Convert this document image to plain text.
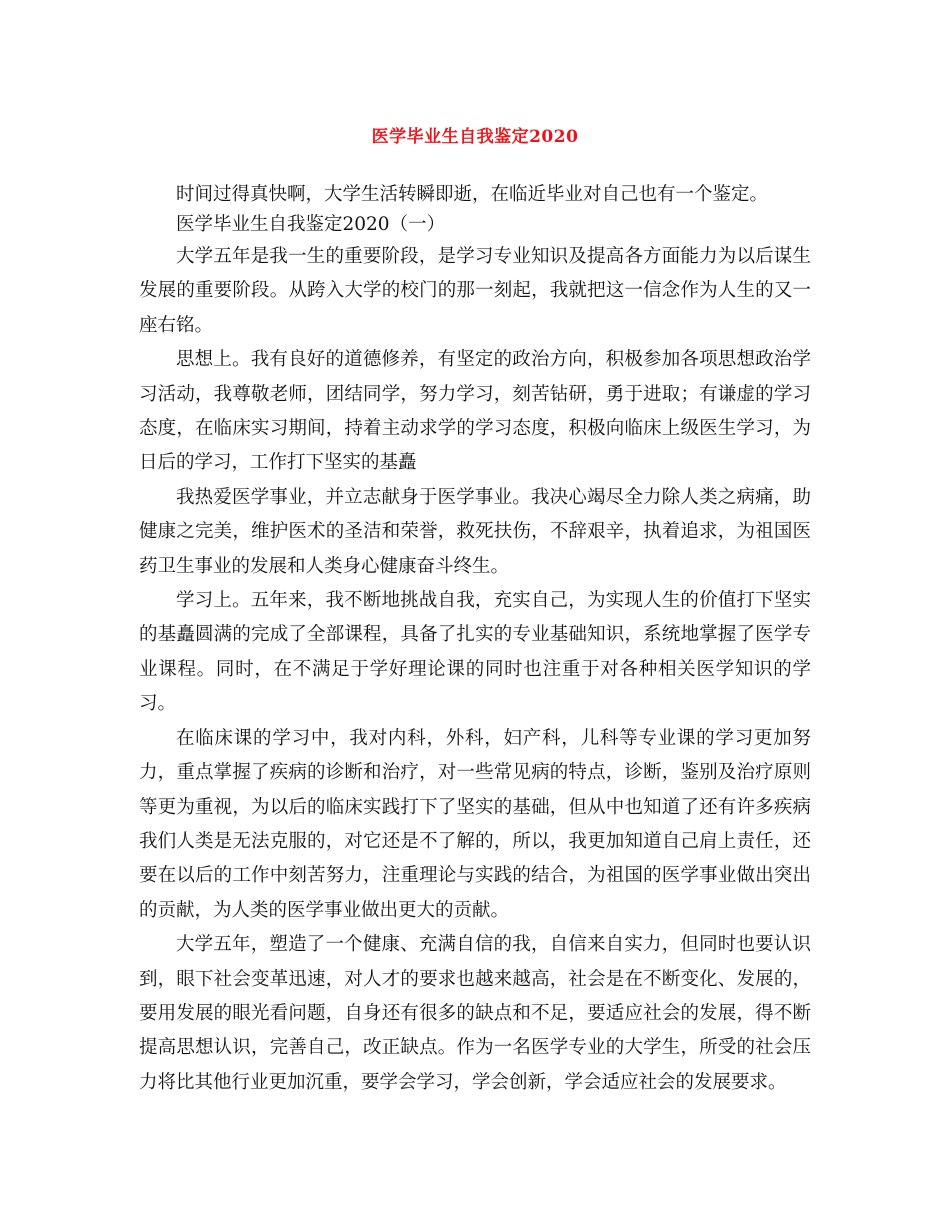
医学毕业生自我鉴定2020

时间过得真快啊，大学生活转瞬即逝，在临近毕业对自己也有一个鉴定。

医学毕业生自我鉴定2020（一）

大学五年是我一生的重要阶段，是学习专业知识及提高各方面能力为以后谋生发展的重要阶段。从跨入大学的校门的那一刻起，我就把这一信念作为人生的又一座右铭。

思想上。我有良好的道德修养，有坚定的政治方向，积极参加各项思想政治学习活动，我尊敬老师，团结同学，努力学习，刻苦钻研，勇于进取；有谦虚的学习态度，在临床实习期间，持着主动求学的学习态度，积极向临床上级医生学习，为日后的学习，工作打下坚实的基矗

我热爱医学事业，并立志献身于医学事业。我决心竭尽全力除人类之病痛，助健康之完美，维护医术的圣洁和荣誉，救死扶伤，不辞艰辛，执着追求，为祖国医药卫生事业的发展和人类身心健康奋斗终生。

学习上。五年来，我不断地挑战自我，充实自己，为实现人生的价值打下坚实的基矗圆满的完成了全部课程，具备了扎实的专业基础知识，系统地掌握了医学专业课程。同时，在不满足于学好理论课的同时也注重于对各种相关医学知识的学习。

在临床课的学习中，我对内科，外科，妇产科，儿科等专业课的学习更加努力，重点掌握了疾病的诊断和治疗，对一些常见病的特点，诊断，鉴别及治疗原则等更为重视，为以后的临床实践打下了坚实的基础，但从中也知道了还有许多疾病我们人类是无法克服的，对它还是不了解的，所以，我更加知道自己肩上责任，还要在以后的工作中刻苦努力，注重理论与实践的结合，为祖国的医学事业做出突出的贡献，为人类的医学事业做出更大的贡献。

大学五年，塑造了一个健康、充满自信的我，自信来自实力，但同时也要认识到，眼下社会变革迅速，对人才的要求也越来越高，社会是在不断变化、发展的，要用发展的眼光看问题，自身还有很多的缺点和不足，要适应社会的发展，得不断提高思想认识，完善自己，改正缺点。作为一名医学专业的大学生，所受的社会压力将比其他行业更加沉重，要学会学习，学会创新，学会适应社会的发展要求。
